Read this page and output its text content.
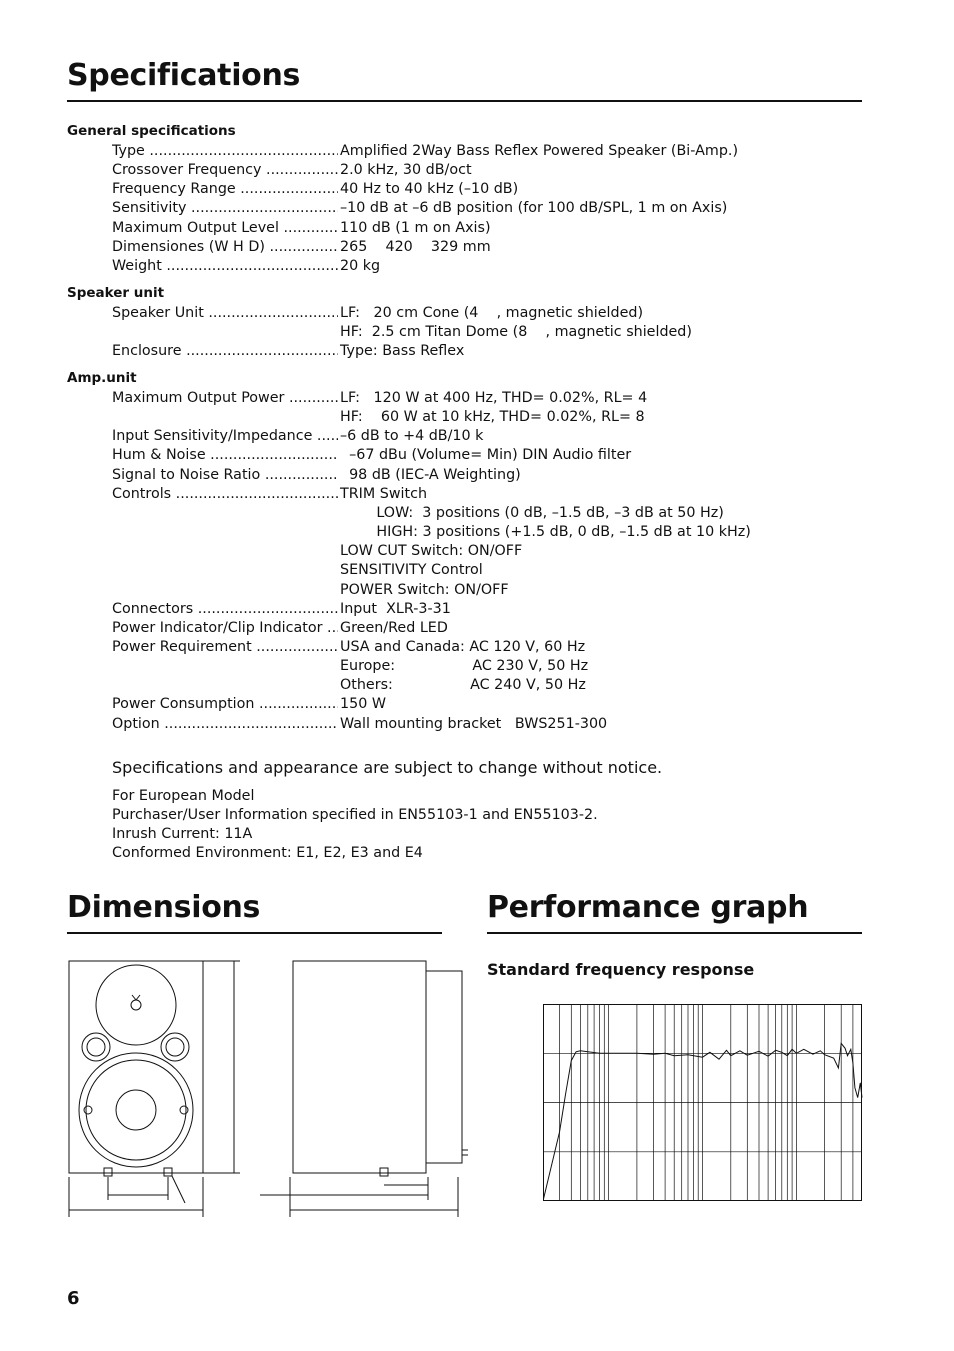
Specifications
General specifications
Type .....	Amplified 2Way Bass Reflex Powered Speaker (Bi-Amp.)
Crossover Frequency .....	2.0 kHz, 30 dB/oct
Frequency Range .....	40 Hz to 40 kHz (–10 dB)
Sensitivity .....	–10 dB at –6 dB position (for 100 dB/SPL, 1 m on Axis)
Maximum Output Level .....	110 dB (1 m on Axis)
Dimensiones (W H D) .....	265    420    329 mm
Weight .....	20 kg
Speaker unit
Speaker Unit .....	LF:   20 cm Cone (4    , magnetic shielded)
HF:  2.5 cm Titan Dome (8    , magnetic shielded)
Enclosure .....	Type: Bass Reflex
Amp.unit
Maximum Output Power .....	LF:   120 W at 400 Hz, THD= 0.02%, RL= 4
HF:    60 W at 10 kHz, THD= 0.02%, RL= 8
Input Sensitivity/Impedance .....	–6 dB to +4 dB/10 k
Hum & Noise .....	–67 dBu (Volume= Min) DIN Audio filter
Signal to Noise Ratio .....	98 dB (IEC-A Weighting)
Controls .....	TRIM Switch
LOW:  3 positions (0 dB, –1.5 dB, –3 dB at 50 Hz)
HIGH: 3 positions (+1.5 dB, 0 dB, –1.5 dB at 10 kHz)
LOW CUT Switch: ON/OFF
SENSITIVITY Control
POWER Switch: ON/OFF
Connectors .....	Input  XLR-3-31
Power Indicator/Clip Indicator .....	Green/Red LED
Power Requirement .....	USA and Canada: AC 120 V, 60 Hz
Europe:                 AC 230 V, 50 Hz
Others:                 AC 240 V, 50 Hz
Power Consumption .....	150 W
Option .....	Wall mounting bracket   BWS251-300
Specifications and appearance are subject to change without notice.
For European Model
Purchaser/User Information specified in EN55103-1 and EN55103-2.
Inrush Current: 11A
Conformed Environment: E1, E2, E3 and E4
Dimensions	Performance graph
Standard frequency response
6
